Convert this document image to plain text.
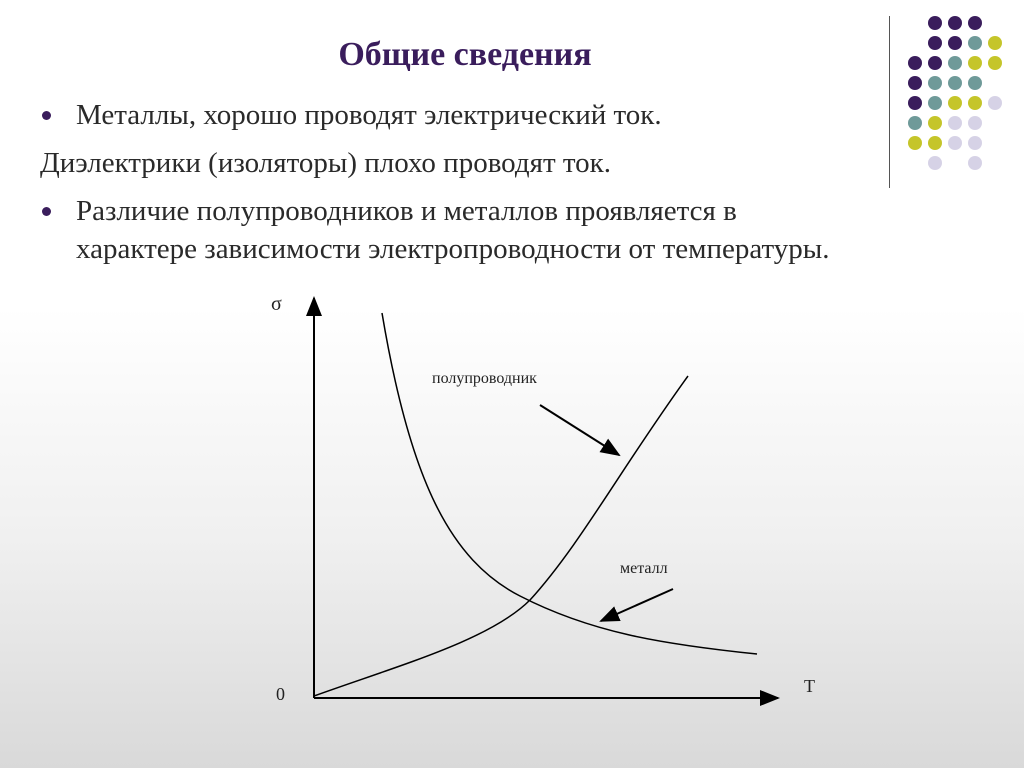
Общие сведения
Металлы, хорошо проводят электрический ток.
Диэлектрики (изоляторы) плохо проводят ток.
Различие полупроводников и металлов проявляется в
характере зависимости электропроводности от температуры.
σ
T
0
полупроводник
металл
